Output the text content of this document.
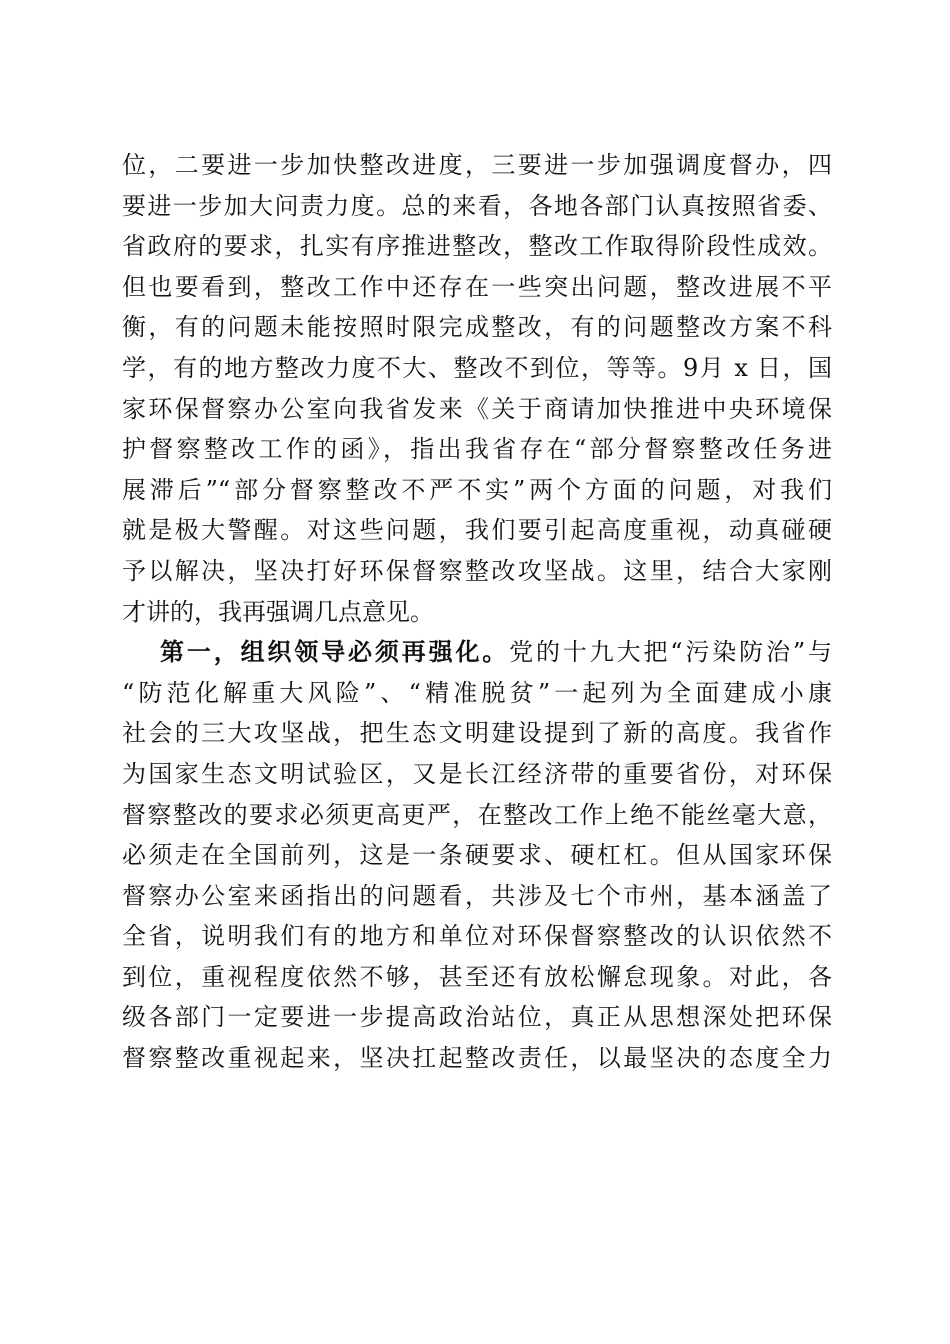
位，二要进一步加快整改进度，三要进一步加强调度督办，四
要进一步加大问责力度。总的来看，各地各部门认真按照省委、
省政府的要求，扎实有序推进整改，整改工作取得阶段性成效。
但也要看到，整改工作中还存在一些突出问题，整改进展不平
衡，有的问题未能按照时限完成整改，有的问题整改方案不科
学，有的地方整改力度不大、整改不到位，等等。9月 x 日，国
家环保督察办公室向我省发来《关于商请加快推进中央环境保
护督察整改工作的函》，指出我省存在“部分督察整改任务进
展滞后”“部分督察整改不严不实”两个方面的问题，对我们
就是极大警醒。对这些问题，我们要引起高度重视，动真碰硬
予以解决，坚决打好环保督察整改攻坚战。这里，结合大家刚
才讲的，我再强调几点意见。
第一，组织领导必须再强化。党的十九大把“污染防治”与
“防范化解重大风险”、“精准脱贫”一起列为全面建成小康
社会的三大攻坚战，把生态文明建设提到了新的高度。我省作
为国家生态文明试验区，又是长江经济带的重要省份，对环保
督察整改的要求必须更高更严，在整改工作上绝不能丝毫大意，
必须走在全国前列，这是一条硬要求、硬杠杠。但从国家环保
督察办公室来函指出的问题看，共涉及七个市州，基本涵盖了
全省，说明我们有的地方和单位对环保督察整改的认识依然不
到位，重视程度依然不够，甚至还有放松懈怠现象。对此，各
级各部门一定要进一步提高政治站位，真正从思想深处把环保
督察整改重视起来，坚决扛起整改责任，以最坚决的态度全力
